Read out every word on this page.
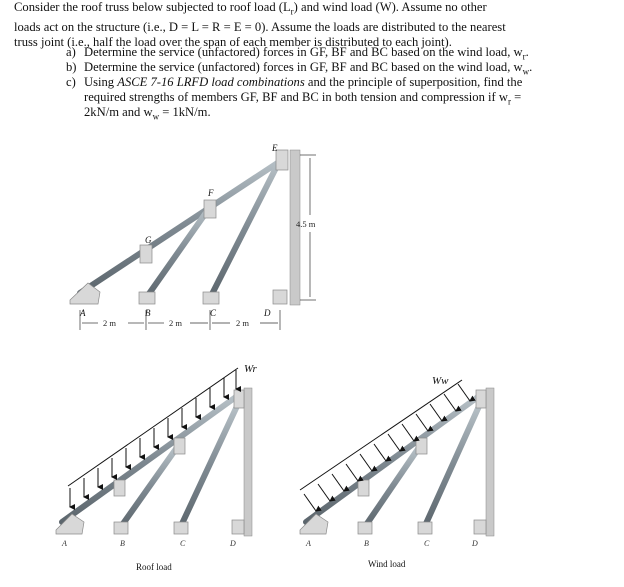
Consider the roof truss below subjected to roof load $(L_r)$ and wind load (W). Assume no other

loads act on the structure (i.e., D = L = R = E = 0). Assume the loads are distributed to the nearest

truss joint (i.e., half the load over the span of each member is distributed to each joint).

a) Determine the service (unfactored) forces in GF, BF and BC based on the wind load, $w_r$.
b) Determine the service (unfactored) forces in GF, BF and BC based on the wind load, $w_w$.
c) Using ASCE 7-16 LRFD load combinations and the principle of superposition, find the
required strengths of members GF, BF and BC in both tension and compression if $w_r$ =
2kN/m and $w_w = 1kN/m$.
A	B	C	D
E
F
G
4.5 m
2 m	2 m	2 m
Wr
A	B	C	D
Roof load
Ww
A	B	C	D
Wind load
